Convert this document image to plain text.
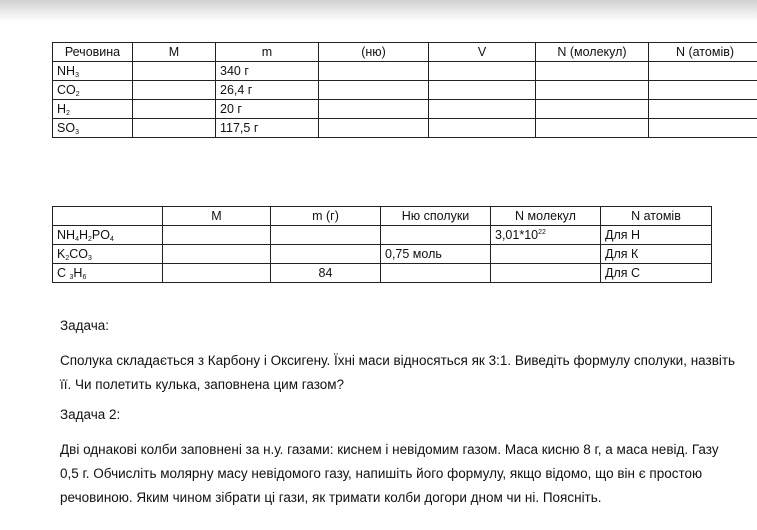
Речовина	M	m	(ню)	V	N (молекул)	N (атомів)
$NH_3$		340 г				
$CO_2$		26,4 г				
$H_2$		20 г				
$SO_3$		117,5 г				
	M	m (г)	Ню сполуки	N молекул	N атомів
$NH_4H_2PO_4$				$3,01*10^{22}$	Для Н
$K_2CO_3$			0,75 моль		Для К
C $_3H_6$		84			Для С

Задача:

Сполука складається з Карбону і Оксигену. Їхні маси відносяться як 3:1. Виведіть формулу сполуки, назвіть її. Чи полетить кулька, заповнена цим газом?

Задача 2:

Дві однакові колби заповнені за н.у. газами: киснем і невідомим газом. Маса кисню 8 г, а маса невід. Газу 0,5 г. Обчисліть молярну масу невідомого газу, напишіть його формулу, якщо відомо, що він є простою речовиною. Яким чином зібрати ці гази, як тримати колби догори дном чи ні. Поясніть.
